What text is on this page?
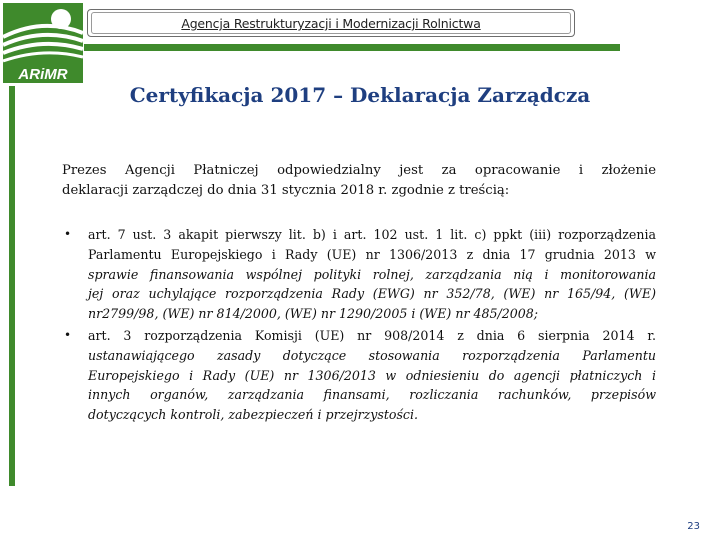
ARiMR
Agencja Restrukturyzacji i Modernizacji Rolnictwa
Certyfikacja 2017 – Deklaracja Zarządcza
Prezes Agencji Płatniczej odpowiedzialny jest za opracowanie i złożenie
deklaracji zarządczej do dnia 31 stycznia 2018 r. zgodnie z treścią:
• art. 7 ust. 3 akapit pierwszy lit. b) i art. 102 ust. 1 lit. c) ppkt (iii) rozporządzenia
Parlamentu Europejskiego i Rady (UE) nr 1306/2013 z dnia 17 grudnia 2013 w
sprawie finansowania wspólnej polityki rolnej, zarządzania nią i monitorowania
jej oraz uchylające rozporządzenia Rady (EWG) nr 352/78, (WE) nr 165/94, (WE)
nr2799/98, (WE) nr 814/2000, (WE) nr 1290/2005 i (WE) nr 485/2008;
• art. 3 rozporządzenia Komisji (UE) nr 908/2014 z dnia 6 sierpnia 2014 r.
ustanawiającego zasady dotyczące stosowania rozporządzenia Parlamentu
Europejskiego i Rady (UE) nr 1306/2013 w odniesieniu do agencji płatniczych i
innych organów, zarządzania finansami, rozliczania rachunków, przepisów
dotyczących kontroli, zabezpieczeń i przejrzystości.
23
